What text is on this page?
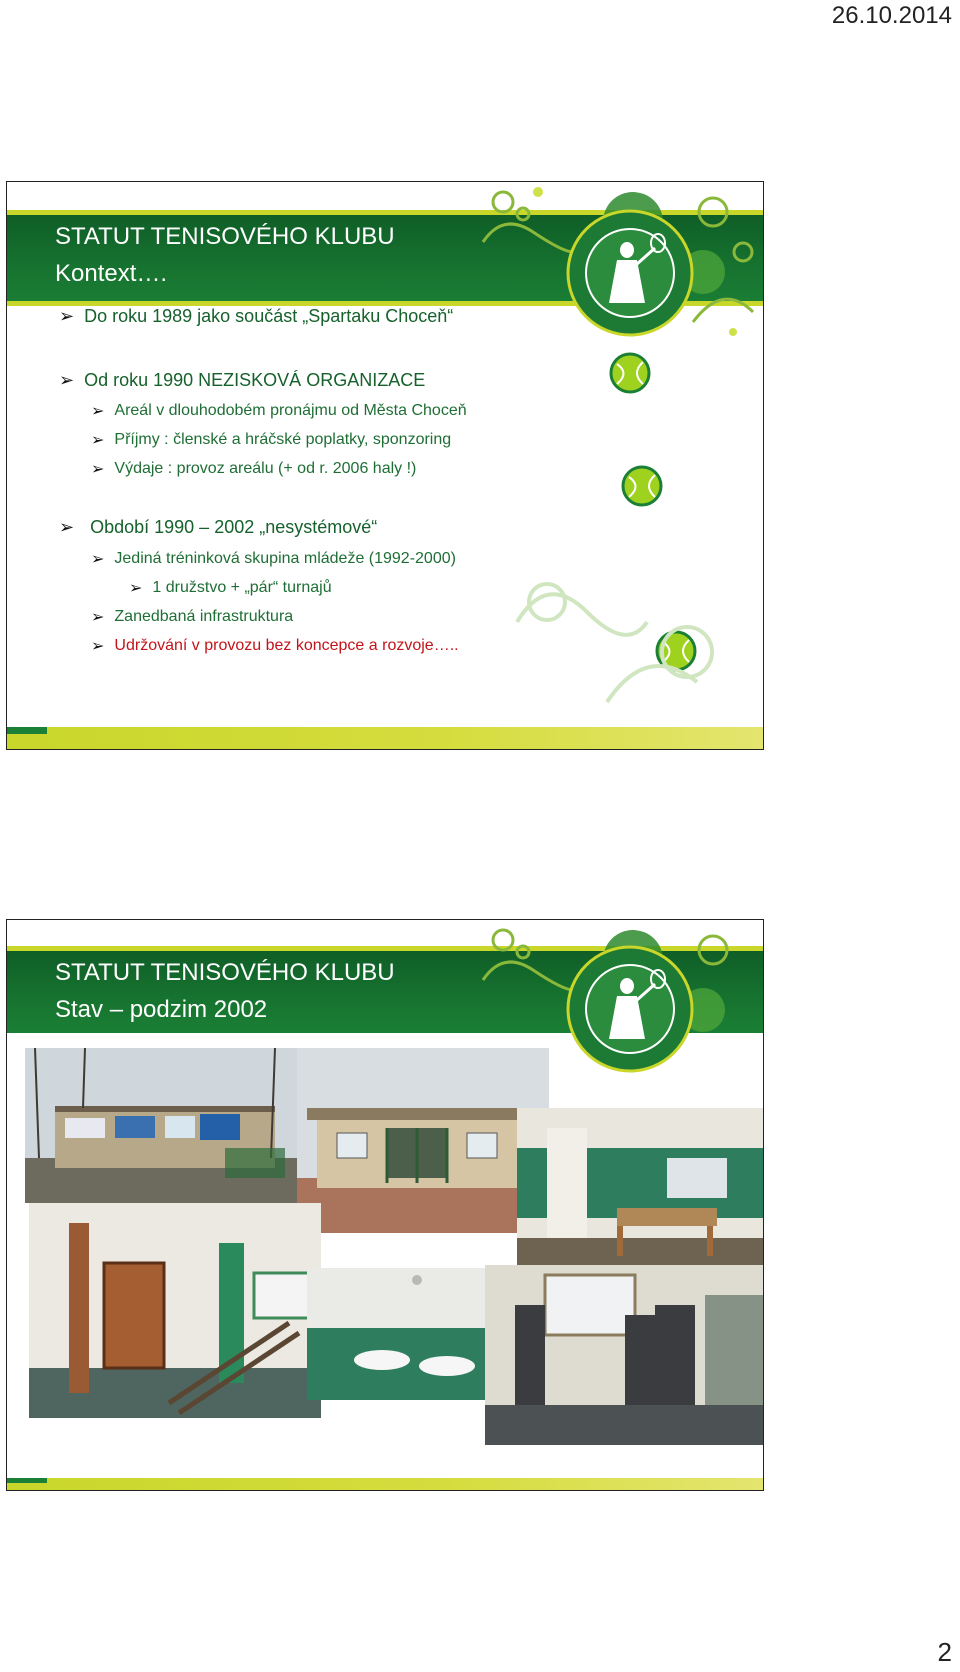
26.10.2014
STATUT TENISOVÉHO KLUBU
Kontext….
➢ Do roku 1989 jako součást „Spartaku Choceň“
➢ Od roku 1990 NEZISKOVÁ ORGANIZACE
➢ Areál v dlouhodobém pronájmu od Města Choceň
➢ Příjmy : členské a hráčské poplatky, sponzoring
➢ Výdaje : provoz areálu (+ od r. 2006 haly !)
➢ Období 1990 – 2002 „nesystémové“
➢ Jediná tréninková skupina mládeže (1992-2000)
➢ 1 družstvo + „pár“ turnajů
➢ Zanedbaná infrastruktura
➢ Udržování v provozu bez koncepce a rozvoje…..
STATUT TENISOVÉHO KLUBU
Stav – podzim 2002
2
